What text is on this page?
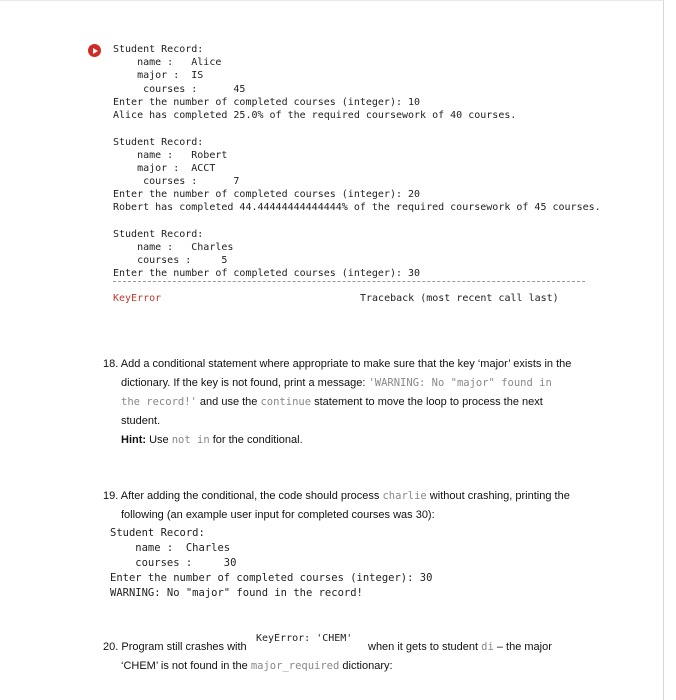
Student Record:
name :   Alice
major :  IS
courses :      45
Enter the number of completed courses (integer): 10
Alice has completed 25.0% of the required coursework of 40 courses.
Student Record:
name :   Robert
major :  ACCT
courses :      7
Enter the number of completed courses (integer): 20
Robert has completed 44.44444444444444% of the required coursework of 45 courses.
Student Record:
name :   Charles
courses :     5
Enter the number of completed courses (integer): 30
KeyError	Traceback (most recent call last)
18. Add a conditional statement where appropriate to make sure that the key ‘major’ exists in the
dictionary. If the key is not found, print a message: 'WARNING: No "major" found in
the record!' and use the continue statement to move the loop to process the next
student.
Hint: Use not in for the conditional.
19. After adding the conditional, the code should process charlie without crashing, printing the
following (an example user input for completed courses was 30):
Student Record:
name :  Charles
courses :     30
Enter the number of completed courses (integer): 30
WARNING: No "major" found in the record!
KeyError: 'CHEM'
20. Program still crashes with	when it gets to student di – the major
‘CHEM’ is not found in the major_required dictionary:
